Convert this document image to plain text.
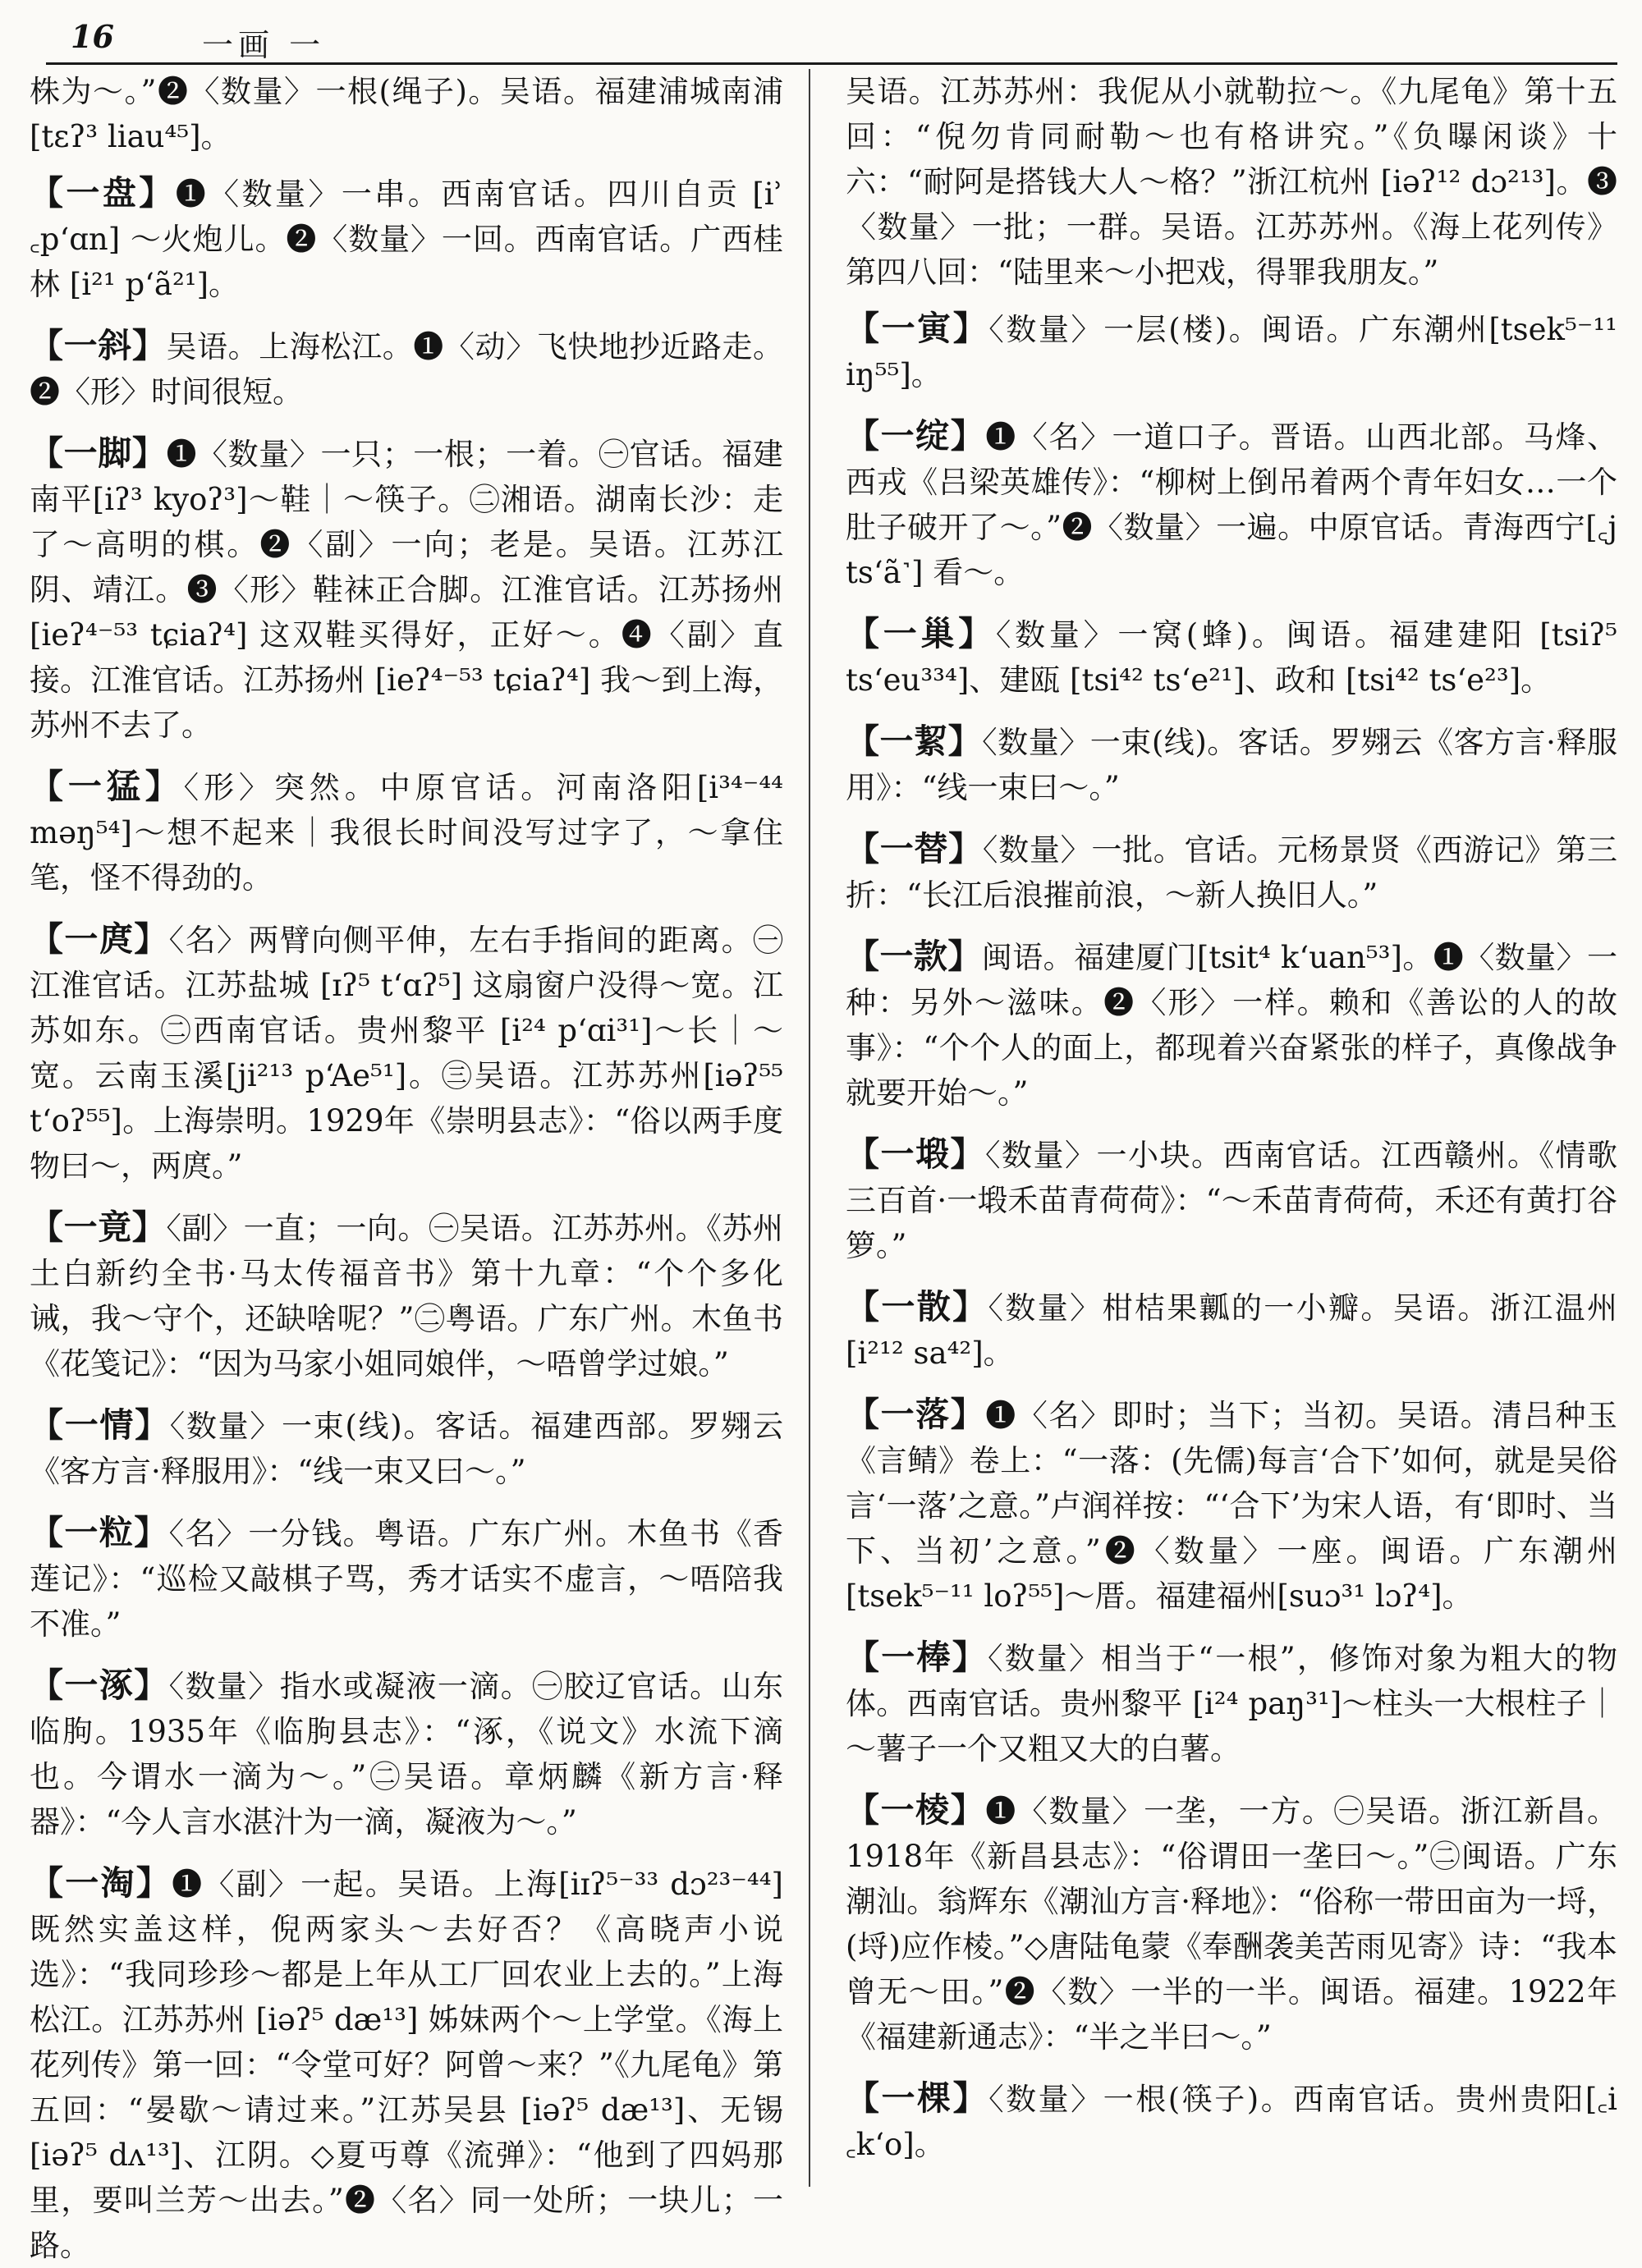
16	一画 一
株为～。”❷〈数量〉一根(绳子)。吴语。福建浦城南浦[tɛʔ³ liau⁴⁵]。
【一盘】❶〈数量〉一串。西南官话。四川自贡 [iʾ ꜀pʻɑn] ～火炮儿。❷〈数量〉一回。西南官话。广西桂林 [i²¹ pʻã²¹]。
【一斜】吴语。上海松江。❶〈动〉飞快地抄近路走。❷〈形〉时间很短。
【一脚】❶〈数量〉一只；一根；一着。㊀官话。福建南平[iʔ³ kyoʔ³]～鞋｜～筷子。㊁湘语。湖南长沙：走了～高明的棋。❷〈副〉一向；老是。吴语。江苏江阴、靖江。❸〈形〉鞋袜正合脚。江淮官话。江苏扬州 [ieʔ⁴⁻⁵³ tɕiaʔ⁴] 这双鞋买得好，正好～。❹〈副〉直接。江淮官话。江苏扬州 [ieʔ⁴⁻⁵³ tɕiaʔ⁴] 我～到上海，苏州不去了。
【一猛】〈形〉突然。中原官话。河南洛阳[i³⁴⁻⁴⁴ məŋ⁵⁴]～想不起来｜我很长时间没写过字了，～拿住笔，怪不得劲的。
【一庹】〈名〉两臂向侧平伸，左右手指间的距离。㊀江淮官话。江苏盐城 [ɪʔ⁵ tʻɑʔ⁵] 这扇窗户没得～宽。江苏如东。㊁西南官话。贵州黎平 [i²⁴ pʻɑi³¹]～长｜～宽。云南玉溪[ji²¹³ pʻAe⁵¹]。㊂吴语。江苏苏州[iəʔ⁵⁵ tʻoʔ⁵⁵]。上海崇明。1929年《崇明县志》：“俗以两手度物曰～，两庹。”
【一竟】〈副〉一直；一向。㊀吴语。江苏苏州。《苏州土白新约全书·马太传福音书》第十九章：“个个多化诫，我～守个，还缺啥呢？”㊁粤语。广东广州。木鱼书《花笺记》：“因为马家小姐同娘伴，～唔曾学过娘。”
【一情】〈数量〉一束(线)。客话。福建西部。罗翙云《客方言·释服用》：“线一束又曰～。”
【一粒】〈名〉一分钱。粤语。广东广州。木鱼书《香莲记》：“巡检又敲棋子骂，秀才话实不虚言，～唔陪我不准。”
【一涿】〈数量〉指水或凝液一滴。㊀胶辽官话。山东临朐。1935年《临朐县志》：“涿，《说文》水流下滴也。今谓水一滴为～。”㊁吴语。章炳麟《新方言·释器》：“今人言水湛汁为一滴，凝液为～。”
【一淘】❶〈副〉一起。吴语。上海[iɪʔ⁵⁻³³ dɔ²³⁻⁴⁴] 既然实盖这样，倪两家头～去好否？《高晓声小说选》：“我同珍珍～都是上年从工厂回农业上去的。”上海松江。江苏苏州 [iəʔ⁵ dæ¹³] 姊妹两个～上学堂。《海上花列传》第一回：“令堂可好？阿曾～来？”《九尾龟》第五回：“晏歇～请过来。”江苏吴县 [iəʔ⁵ dæ¹³]、无锡[iəʔ⁵ dʌ¹³]、江阴。◇夏丏尊《流弹》：“他到了四妈那里，要叫兰芳～出去。”❷〈名〉同一处所；一块儿；一路。
吴语。江苏苏州：我伲从小就勒拉～。《九尾龟》第十五回：“倪勿肯同耐勒～也有格讲究。”《负曝闲谈》十六：“耐阿是搭钱大人～格？”浙江杭州 [iəʔ¹² dɔ²¹³]。❸〈数量〉一批；一群。吴语。江苏苏州。《海上花列传》第四八回：“陆里来～小把戏，得罪我朋友。”
【一寅】〈数量〉一层(楼)。闽语。广东潮州[tsek⁵⁻¹¹ iŋ⁵⁵]。
【一绽】❶〈名〉一道口子。晋语。山西北部。马烽、西戎《吕梁英雄传》：“柳树上倒吊着两个青年妇女…一个肚子破开了～。”❷〈数量〉一遍。中原官话。青海西宁[꜀j tsʻã˺] 看～。
【一巢】〈数量〉一窝(蜂)。闽语。福建建阳 [tsiʔ⁵ tsʻeu³³⁴]、建瓯 [tsi⁴² tsʻe²¹]、政和 [tsi⁴² tsʻe²³]。
【一絜】〈数量〉一束(线)。客话。罗翙云《客方言·释服用》：“线一束曰～。”
【一替】〈数量〉一批。官话。元杨景贤《西游记》第三折：“长江后浪摧前浪，～新人换旧人。”
【一款】闽语。福建厦门[tsit⁴ kʻuan⁵³]。❶〈数量〉一种：另外～滋味。❷〈形〉一样。赖和《善讼的人的故事》：“个个人的面上，都现着兴奋紧张的样子，真像战争就要开始～。”
【一塅】〈数量〉一小块。西南官话。江西赣州。《情歌三百首·一塅禾苗青荷荷》：“～禾苗青荷荷，禾还有黄打谷箩。”
【一散】〈数量〉柑桔果瓤的一小瓣。吴语。浙江温州[i²¹² sa⁴²]。
【一落】❶〈名〉即时；当下；当初。吴语。清吕种玉《言鲭》卷上：“一落：(先儒)每言‘合下’如何，就是吴俗言‘一落’之意。”卢润祥按：“‘合下’为宋人语，有‘即时、当下、当初’之意。”❷〈数量〉一座。闽语。广东潮州[tsek⁵⁻¹¹ loʔ⁵⁵]～厝。福建福州[suɔ³¹ lɔʔ⁴]。
【一棒】〈数量〉相当于“一根”，修饰对象为粗大的物体。西南官话。贵州黎平 [i²⁴ paŋ³¹]～柱头一大根柱子｜～薯子一个又粗又大的白薯。
【一棱】❶〈数量〉一垄，一方。㊀吴语。浙江新昌。1918年《新昌县志》：“俗谓田一垄曰～。”㊁闽语。广东潮汕。翁辉东《潮汕方言·释地》：“俗称一带田亩为一埒，(埒)应作棱。”◇唐陆龟蒙《奉酬袭美苦雨见寄》诗：“我本曾无～田。”❷〈数〉一半的一半。闽语。福建。1922年《福建新通志》：“半之半曰～。”
【一棵】〈数量〉一根(筷子)。西南官话。贵州贵阳[꜀i ꜀kʻo]。
